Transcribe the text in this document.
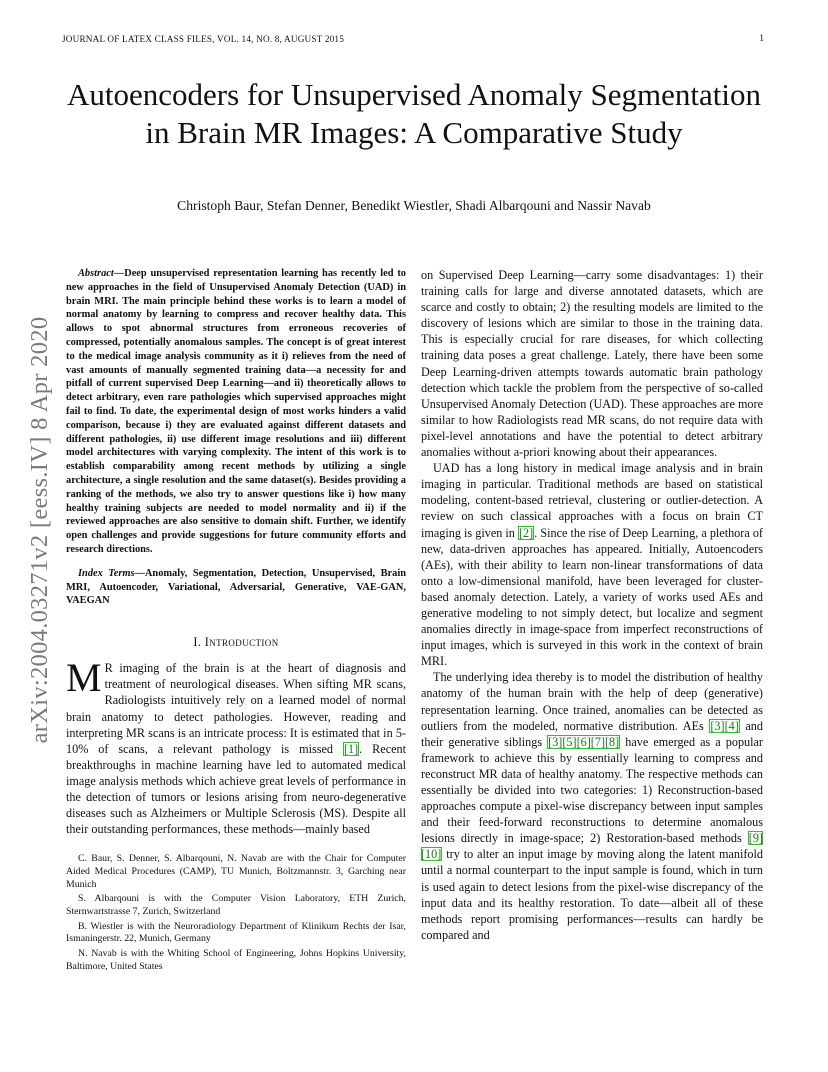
JOURNAL OF LATEX CLASS FILES, VOL. 14, NO. 8, AUGUST 2015	1
arXiv:2004.03271v2 [eess.IV] 8 Apr 2020
Autoencoders for Unsupervised Anomaly Segmentation in Brain MR Images: A Comparative Study
Christoph Baur, Stefan Denner, Benedikt Wiestler, Shadi Albarqouni and Nassir Navab

Abstract—Deep unsupervised representation learning has recently led to new approaches in the field of Unsupervised Anomaly Detection (UAD) in brain MRI. The main principle behind these works is to learn a model of normal anatomy by learning to compress and recover healthy data. This allows to spot abnormal structures from erroneous recoveries of compressed, potentially anomalous samples. The concept is of great interest to the medical image analysis community as it i) relieves from the need of vast amounts of manually segmented training data—a necessity for and pitfall of current supervised Deep Learning—and ii) theoretically allows to detect arbitrary, even rare pathologies which supervised approaches might fail to find. To date, the experimental design of most works hinders a valid comparison, because i) they are evaluated against different datasets and different pathologies, ii) use different image resolutions and iii) different model architectures with varying complexity. The intent of this work is to establish comparability among recent methods by utilizing a single architecture, a single resolution and the same dataset(s). Besides providing a ranking of the methods, we also try to answer questions like i) how many healthy training subjects are needed to model normality and ii) if the reviewed approaches are also sensitive to domain shift. Further, we identify open challenges and provide suggestions for future community efforts and research directions.

Index Terms—Anomaly, Segmentation, Detection, Unsupervised, Brain MRI, Autoencoder, Variational, Adversarial, Generative, VAE-GAN, VAEGAN

I. Introduction

M R imaging of the brain is at the heart of diagnosis and treatment of neurological diseases. When sifting MR scans, Radiologists intuitively rely on a learned model of normal brain anatomy to detect pathologies. However, reading and interpreting MR scans is an intricate process: It is estimated that in 5-10% of scans, a relevant pathology is missed [1]. Recent breakthroughs in machine learning have led to automated medical image analysis methods which achieve great levels of performance in the detection of tumors or lesions arising from neuro-degenerative diseases such as Alzheimers or Multiple Sclerosis (MS). Despite all their outstanding performances, these methods—mainly based

C. Baur, S. Denner, S. Albarqouni, N. Navab are with the Chair for Computer Aided Medical Procedures (CAMP), TU Munich, Boltzmannstr. 3, Garching near Munich

S. Albarqouni is with the Computer Vision Laboratory, ETH Zurich, Sternwartstrasse 7, Zurich, Switzerland

B. Wiestler is with the Neuroradiology Department of Klinikum Rechts der Isar, Ismaningerstr. 22, Munich, Germany

N. Navab is with the Whiting School of Engineering, Johns Hopkins University, Baltimore, United States

on Supervised Deep Learning—carry some disadvantages: 1) their training calls for large and diverse annotated datasets, which are scarce and costly to obtain; 2) the resulting models are limited to the discovery of lesions which are similar to those in the training data. This is especially crucial for rare diseases, for which collecting training data poses a great challenge. Lately, there have been some Deep Learning-driven attempts towards automatic brain pathology detection which tackle the problem from the perspective of so-called Unsupervised Anomaly Detection (UAD). These approaches are more similar to how Radiologists read MR scans, do not require data with pixel-level annotations and have the potential to detect arbitrary anomalies without a-priori knowing about their appearances.

UAD has a long history in medical image analysis and in brain imaging in particular. Traditional methods are based on statistical modeling, content-based retrieval, clustering or outlier-detection. A review on such classical approaches with a focus on brain CT imaging is given in [2]. Since the rise of Deep Learning, a plethora of new, data-driven approaches has appeared. Initially, Autoencoders (AEs), with their ability to learn non-linear transformations of data onto a low-dimensional manifold, have been leveraged for cluster-based anomaly detection. Lately, a variety of works used AEs and generative modeling to not simply detect, but localize and segment anomalies directly in image-space from imperfect reconstructions of input images, which is surveyed in this work in the context of brain MRI.

The underlying idea thereby is to model the distribution of healthy anatomy of the human brain with the help of deep (generative) representation learning. Once trained, anomalies can be detected as outliers from the modeled, normative distribution. AEs [3][4] and their generative siblings [3][5][6][7][8] have emerged as a popular framework to achieve this by essentially learning to compress and reconstruct MR data of healthy anatomy. The respective methods can essentially be divided into two categories: 1) Reconstruction-based approaches compute a pixel-wise discrepancy between input samples and their feed-forward reconstructions to determine anomalous lesions directly in image-space; 2) Restoration-based methods [9][10] try to alter an input image by moving along the latent manifold until a normal counterpart to the input sample is found, which in turn is used again to detect lesions from the pixel-wise discrepancy of the input data and its healthy restoration. To date—albeit all of these methods report promising performances—results can hardly be compared and
